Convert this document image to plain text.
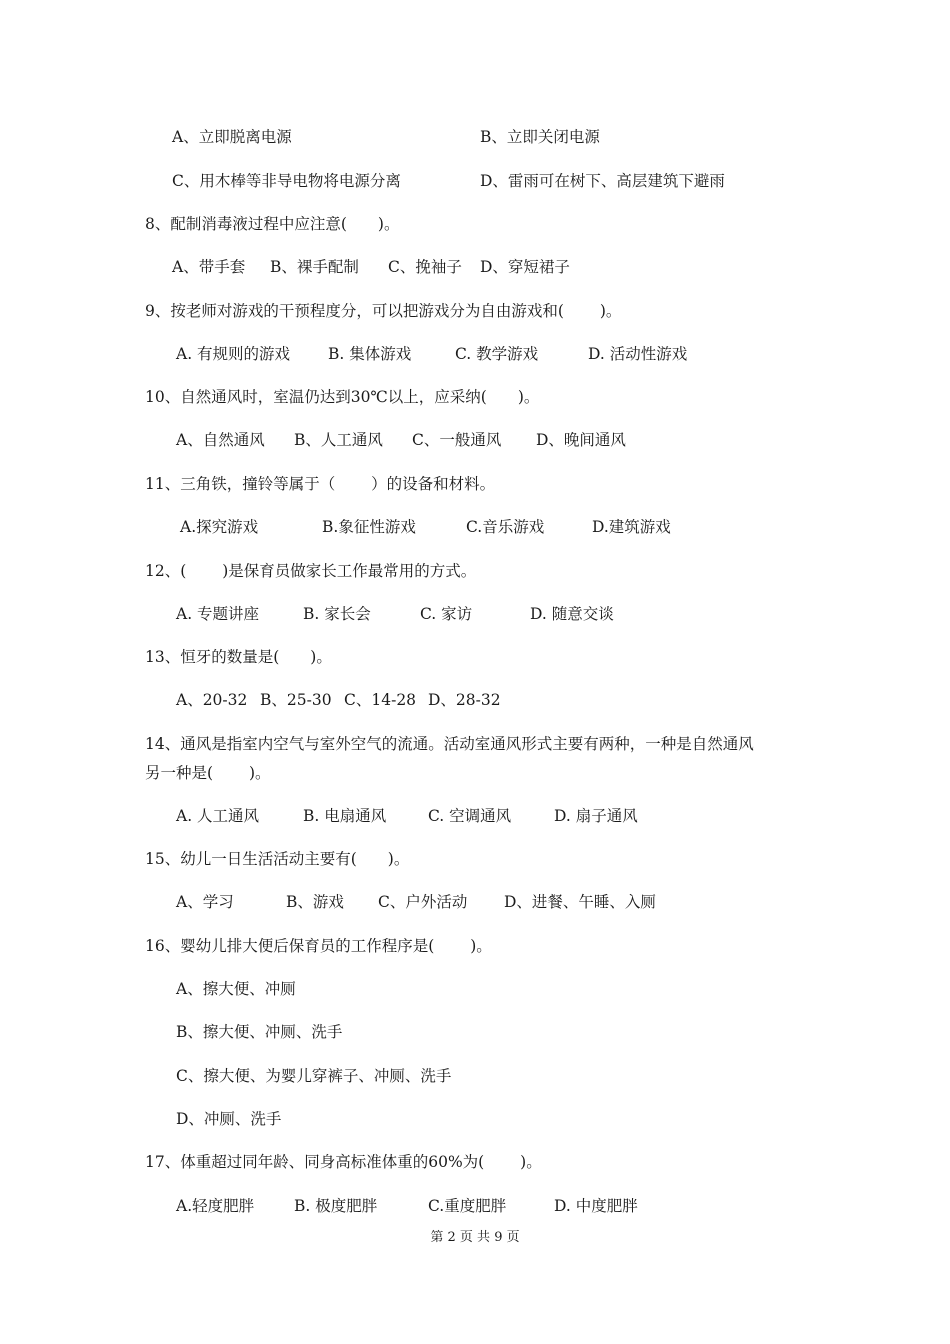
A、立即脱离电源	B、立即关闭电源
C、用木棒等非导电物将电源分离	D、雷雨可在树下、高层建筑下避雨
8、配制消毒液过程中应注意(　　)。
A、带手套 B、裸手配制 C、挽袖子 D、穿短裙子
9、按老师对游戏的干预程度分，可以把游戏分为自由游戏和(　　 )。
A. 有规则的游戏 B. 集体游戏	C. 教学游戏	D. 活动性游戏
10、自然通风时，室温仍达到30℃以上，应采纳(　　)。
A、自然通风 B、人工通风 C、一般通风 D、晚间通风
11、三角铁，撞铃等属于（　　 ）的设备和材料。
A.探究游戏	B.象征性游戏	C.音乐游戏	D.建筑游戏
12、(　　 )是保育员做家长工作最常用的方式。
A. 专题讲座	B. 家长会	C. 家访	D. 随意交谈
13、恒牙的数量是(　　)。
A、20-32 B、25-30 C、14-28 D、28-32
14、通风是指室内空气与室外空气的流通。活动室通风形式主要有两种，一种是自然通风
另一种是(　　 )。
A. 人工通风	B. 电扇通风	C. 空调通风	D. 扇子通风
15、幼儿一日生活活动主要有(　　)。
A、学习	B、游戏 C、户外活动 D、进餐、午睡、入厕
16、婴幼儿排大便后保育员的工作程序是(　　 )。
A、擦大便、冲厕
B、擦大便、冲厕、洗手
C、擦大便、为婴儿穿裤子、冲厕、洗手
D、冲厕、洗手
17、体重超过同年龄、同身高标准体重的60%为(　　 )。
A.轻度肥胖	B. 极度肥胖	C.重度肥胖	D. 中度肥胖
第 2 页 共 9 页
